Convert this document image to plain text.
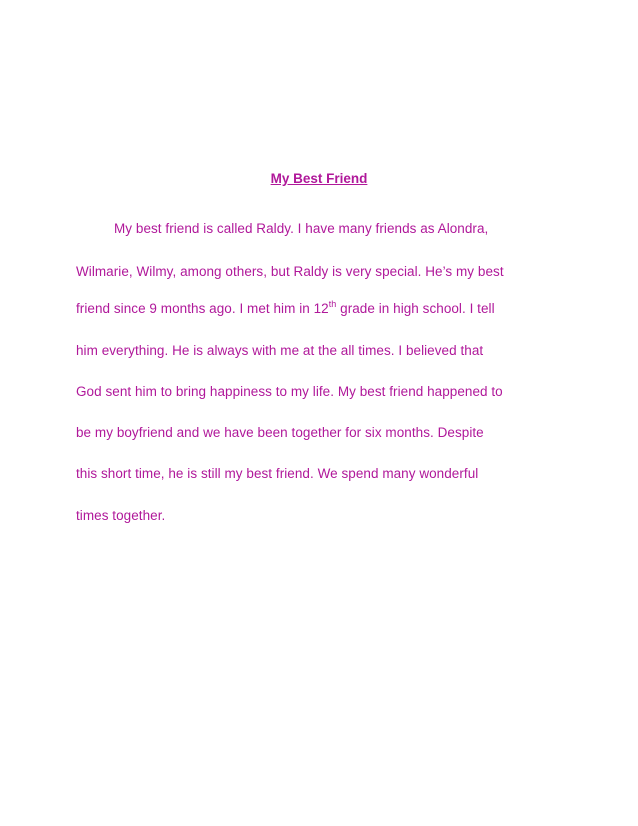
My Best Friend
My best friend is called Raldy. I have many friends as Alondra,
Wilmarie, Wilmy, among others, but Raldy is very special. He’s my best
friend since 9 months ago. I met him in 12th grade in high school. I tell
him everything. He is always with me at the all times. I believed that
God sent him to bring happiness to my life. My best friend happened to
be my boyfriend and we have been together for six months. Despite
this short time, he is still my best friend. We spend many wonderful
times together.
